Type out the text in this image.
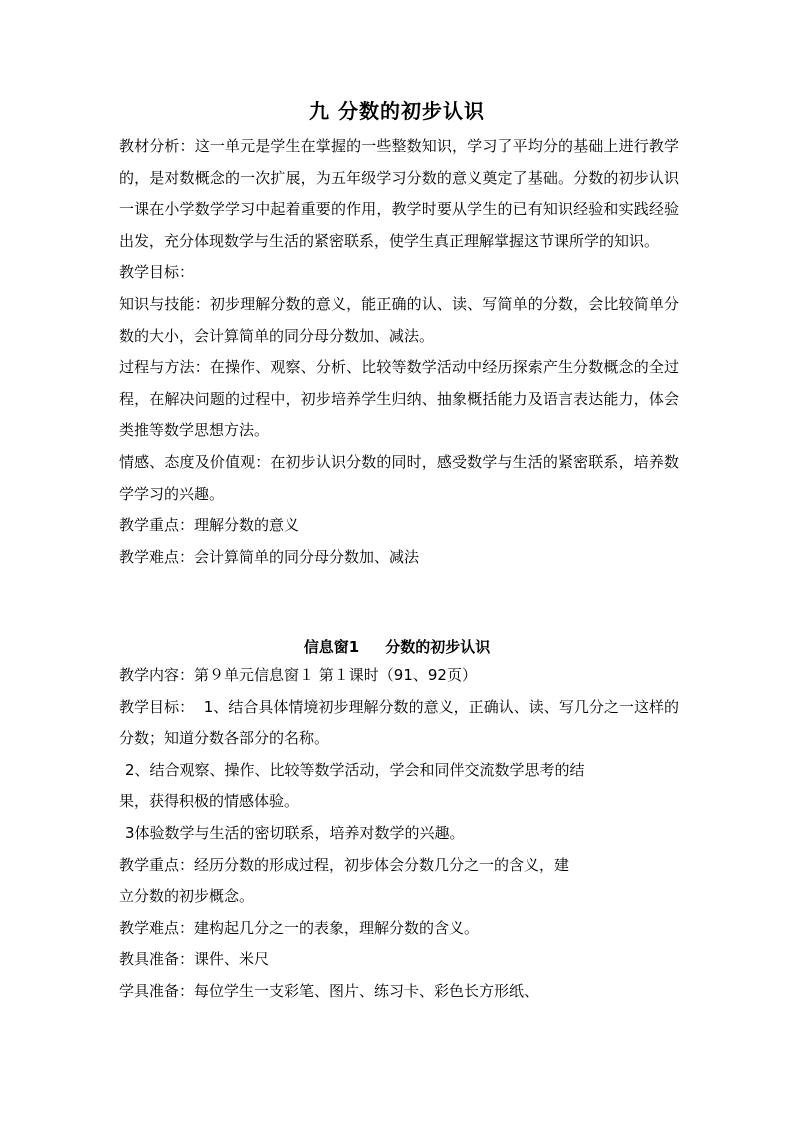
九 分数的初步认识

教材分析：这一单元是学生在掌握的一些整数知识，学习了平均分的基础上进行教学的，是对数概念的一次扩展，为五年级学习分数的意义奠定了基础。分数的初步认识一课在小学数学学习中起着重要的作用，教学时要从学生的已有知识经验和实践经验出发，充分体现数学与生活的紧密联系，使学生真正理解掌握这节课所学的知识。

教学目标：

知识与技能：初步理解分数的意义，能正确的认、读、写简单的分数，会比较简单分数的大小，会计算简单的同分母分数加、减法。

过程与方法：在操作、观察、分析、比较等数学活动中经历探索产生分数概念的全过程，在解决问题的过程中，初步培养学生归纳、抽象概括能力及语言表达能力，体会类推等数学思想方法。

情感、态度及价值观：在初步认识分数的同时，感受数学与生活的紧密联系，培养数学学习的兴趣。

教学重点：理解分数的意义

教学难点：会计算简单的同分母分数加、减法

信息窗1     分数的初步认识

教学内容：第９单元信息窗１ 第１课时（91、92页）

教学目标：  1、结合具体情境初步理解分数的意义，正确认、读、写几分之一这样的分数；知道分数各部分的名称。

2、结合观察、操作、比较等数学活动，学会和同伴交流数学思考的结

果，获得积极的情感体验。

3体验数学与生活的密切联系，培养对数学的兴趣。

教学重点：经历分数的形成过程，初步体会分数几分之一的含义，建

立分数的初步概念。

教学难点：建构起几分之一的表象，理解分数的含义。

教具准备：课件、米尺

学具准备：每位学生一支彩笔、图片、练习卡、彩色长方形纸、
